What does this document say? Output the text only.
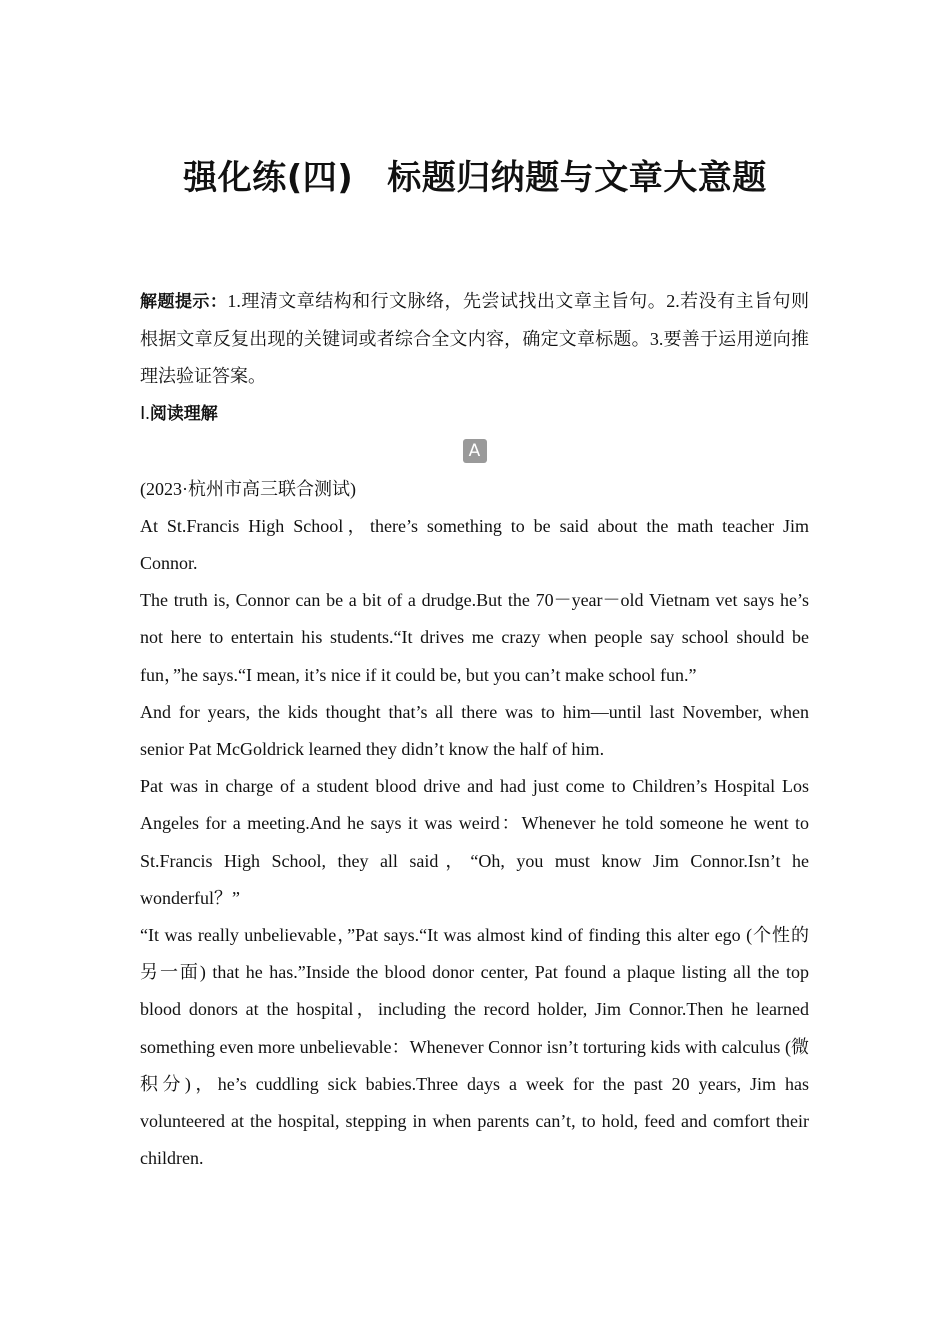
强化练(四) 标题归纳题与文章大意题

解题提示：1.理清文章结构和行文脉络，先尝试找出文章主旨句。2.若没有主旨句则根据文章反复出现的关键词或者综合全文内容，确定文章标题。3.要善于运用逆向推理法验证答案。

Ⅰ.阅读理解

A

(2023·杭州市高三联合测试)

At St.Francis High School，there’s something to be said about the math teacher Jim Connor.

The truth is, Connor can be a bit of a drudge.But the 70－year－old Vietnam vet says he’s not here to entertain his students.“It drives me crazy when people say school should be fun，”he says.“I mean, it’s nice if it could be, but you can’t make school fun.”

And for years, the kids thought that’s all there was to him—until last November, when senior Pat McGoldrick learned they didn’t know the half of him.

Pat was in charge of a student blood drive and had just come to Children’s Hospital Los Angeles for a meeting.And he says it was weird：Whenever he told someone he went to St.Francis High School, they all said，“Oh, you must know Jim Connor.Isn’t he wonderful？”

“It was really unbelievable，”Pat says.“It was almost kind of finding this alter ego (个性的另一面) that he has.”Inside the blood donor center, Pat found a plaque listing all the top blood donors at the hospital，including the record holder, Jim Connor.Then he learned something even more unbelievable：Whenever Connor isn’t torturing kids with calculus (微积分)，he’s cuddling sick babies.Three days a week for the past 20 years, Jim has volunteered at the hospital, stepping in when parents can’t, to hold, feed and comfort their children.
